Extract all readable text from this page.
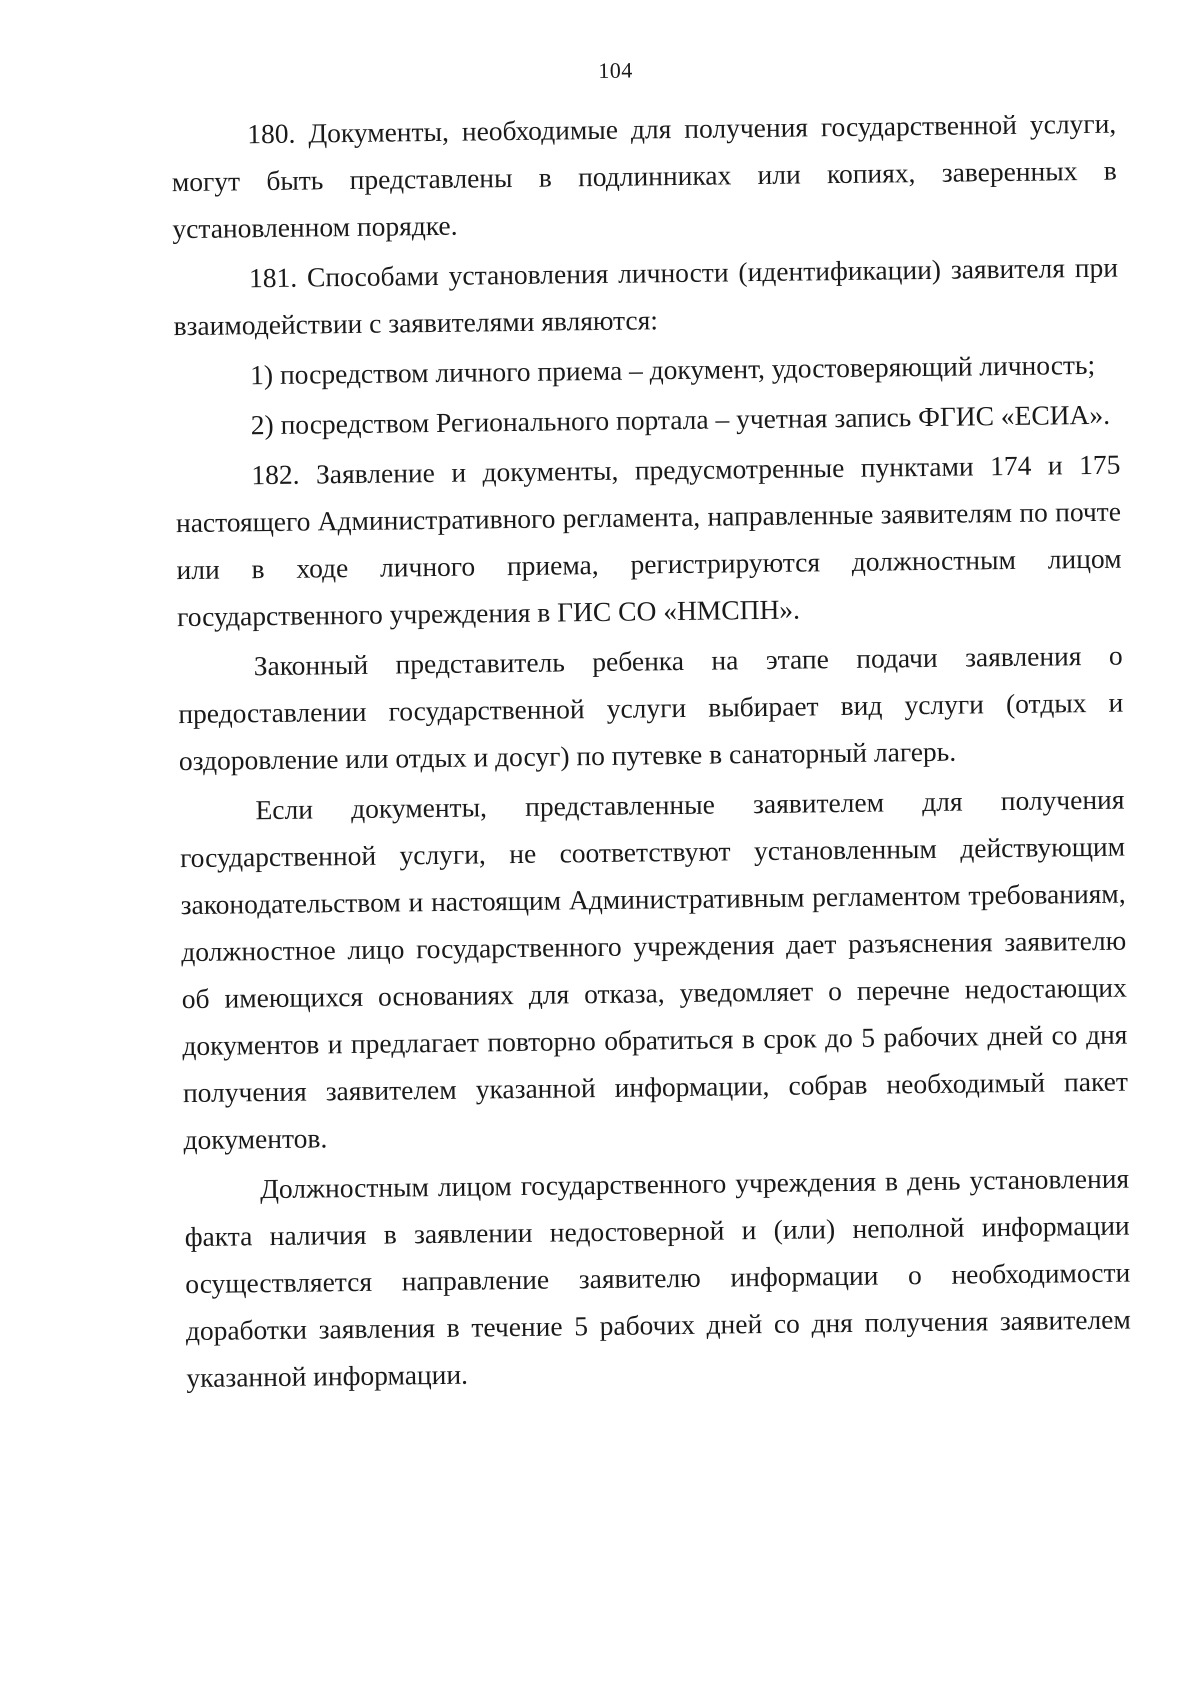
104

180. Документы, необходимые для получения государственной услуги, могут быть представлены в подлинниках или копиях, заверенных в установленном порядке.

181. Способами установления личности (идентификации) заявителя при взаимодействии с заявителями являются:

1) посредством личного приема – документ, удостоверяющий личность;

2) посредством Регионального портала – учетная запись ФГИС «ЕСИА».

182. Заявление и документы, предусмотренные пунктами 174 и 175 настоящего Административного регламента, направленные заявителям по почте или в ходе личного приема, регистрируются должностным лицом государственного учреждения в ГИС СО «НМСПН».

Законный представитель ребенка на этапе подачи заявления о предоставлении государственной услуги выбирает вид услуги (отдых и оздоровление или отдых и досуг) по путевке в санаторный лагерь.

Если документы, представленные заявителем для получения государственной услуги, не соответствуют установленным действующим законодательством и настоящим Административным регламентом требованиям, должностное лицо государственного учреждения дает разъяснения заявителю об имеющихся основаниях для отказа, уведомляет о перечне недостающих документов и предлагает повторно обратиться в срок до 5 рабочих дней со дня получения заявителем указанной информации, собрав необходимый пакет документов.

Должностным лицом государственного учреждения в день установления факта наличия в заявлении недостоверной и (или) неполной информации осуществляется направление заявителю информации о необходимости доработки заявления в течение 5 рабочих дней со дня получения заявителем указанной информации.
